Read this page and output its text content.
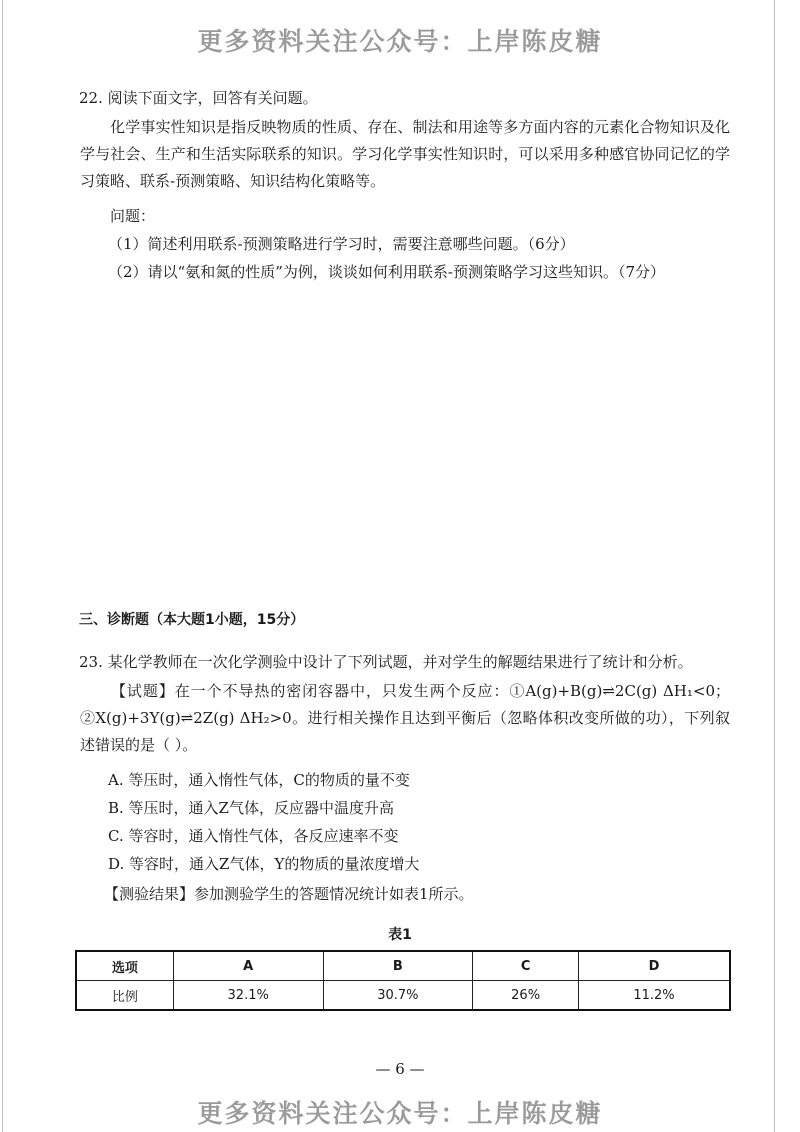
更多资料关注公众号：上岸陈皮糖
22. 阅读下面文字，回答有关问题。
化学事实性知识是指反映物质的性质、存在、制法和用途等多方面内容的元素化合物知识及化学与社会、生产和生活实际联系的知识。学习化学事实性知识时，可以采用多种感官协同记忆的学习策略、联系-预测策略、知识结构化策略等。
问题：
（1）简述利用联系-预测策略进行学习时，需要注意哪些问题。（6分）
（2）请以“氨和氮的性质”为例，谈谈如何利用联系-预测策略学习这些知识。（7分）
三、诊断题（本大题1小题，15分）
23. 某化学教师在一次化学测验中设计了下列试题，并对学生的解题结果进行了统计和分析。
【试题】在一个不导热的密闭容器中，只发生两个反应：①A(g)+B(g)⇌2C(g) ΔH₁<0；②X(g)+3Y(g)⇌2Z(g) ΔH₂>0。进行相关操作且达到平衡后（忽略体积改变所做的功），下列叙述错误的是（ ）。
A. 等压时，通入惰性气体，C的物质的量不变
B. 等压时，通入Z气体，反应器中温度升高
C. 等容时，通入惰性气体，各反应速率不变
D. 等容时，通入Z气体，Y的物质的量浓度增大
【测验结果】参加测验学生的答题情况统计如表1所示。
表1
选项	A	B	C	D
比例	32.1%	30.7%	26%	11.2%
— 6 —
更多资料关注公众号：上岸陈皮糖
